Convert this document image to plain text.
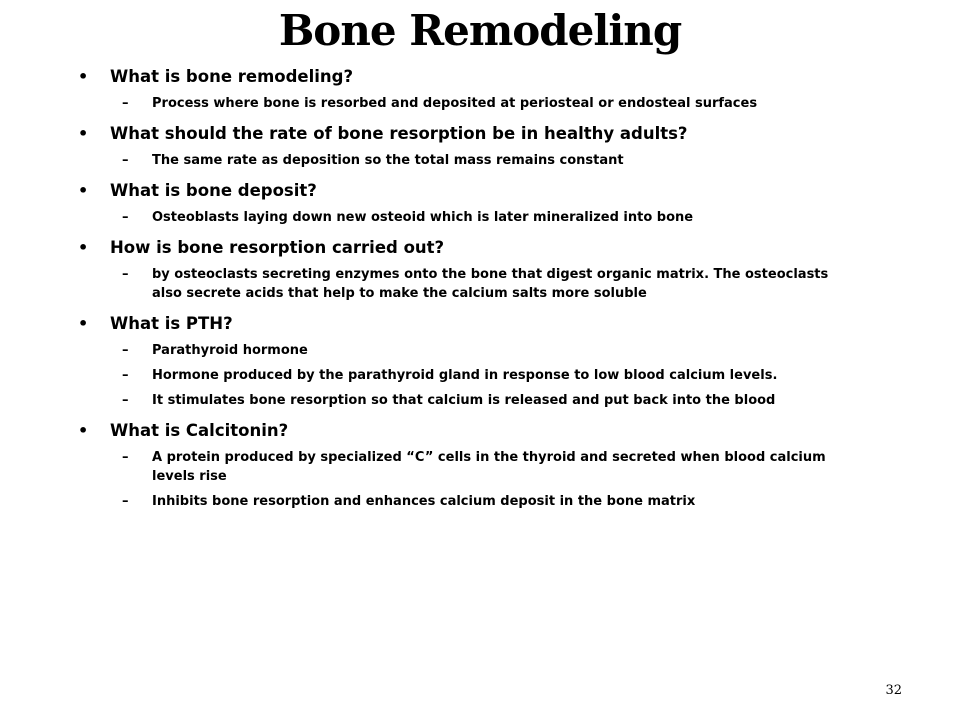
Bone Remodeling
• What is bone remodeling?
– Process where bone is resorbed and deposited at periosteal or endosteal surfaces
• What should the rate of bone resorption be in healthy adults?
– The same rate as deposition so the total mass remains constant
• What is bone deposit?
– Osteoblasts laying down new osteoid which is later mineralized into bone
• How is bone resorption carried out?
– by osteoclasts secreting enzymes onto the bone that digest organic matrix. The osteoclasts also secrete acids that help to make the calcium salts more soluble
• What is PTH?
– Parathyroid hormone
– Hormone produced by the parathyroid gland in response to low blood calcium levels.
– It stimulates bone resorption so that calcium is released and put back into the blood
• What is Calcitonin?
– A protein produced by specialized “C” cells in the thyroid and secreted when blood calcium levels rise
– Inhibits bone resorption and enhances calcium deposit in the bone matrix
32
